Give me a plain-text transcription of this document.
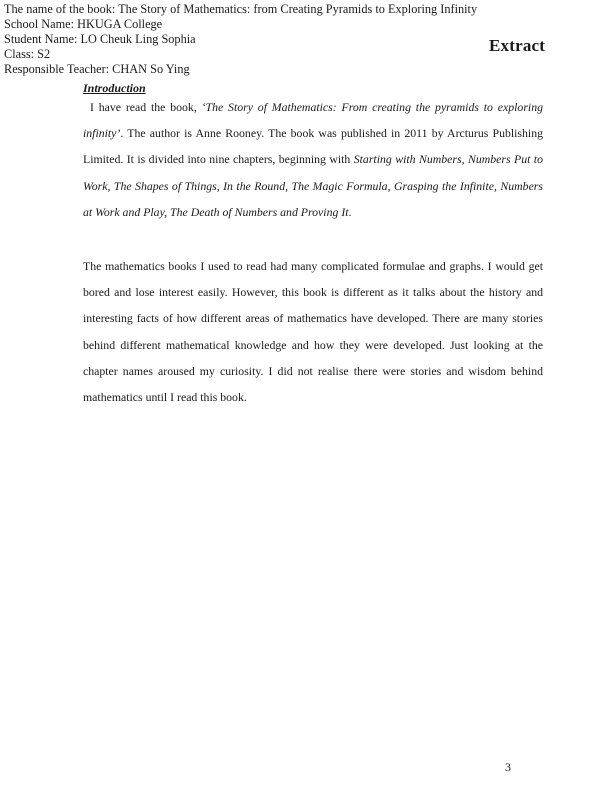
The name of the book: The Story of Mathematics: from Creating Pyramids to Exploring Infinity
School Name: HKUGA College
Student Name: LO Cheuk Ling Sophia
Class: S2
Responsible Teacher: CHAN So Ying
Extract
Introduction

I have read the book, ‘The Story of Mathematics: From creating the pyramids to exploring infinity’. The author is Anne Rooney. The book was published in 2011 by Arcturus Publishing Limited. It is divided into nine chapters, beginning with Starting with Numbers, Numbers Put to Work, The Shapes of Things, In the Round, The Magic Formula, Grasping the Infinite, Numbers at Work and Play, The Death of Numbers and Proving It.

The mathematics books I used to read had many complicated formulae and graphs. I would get bored and lose interest easily. However, this book is different as it talks about the history and interesting facts of how different areas of mathematics have developed. There are many stories behind different mathematical knowledge and how they were developed. Just looking at the chapter names aroused my curiosity. I did not realise there were stories and wisdom behind mathematics until I read this book.

3
